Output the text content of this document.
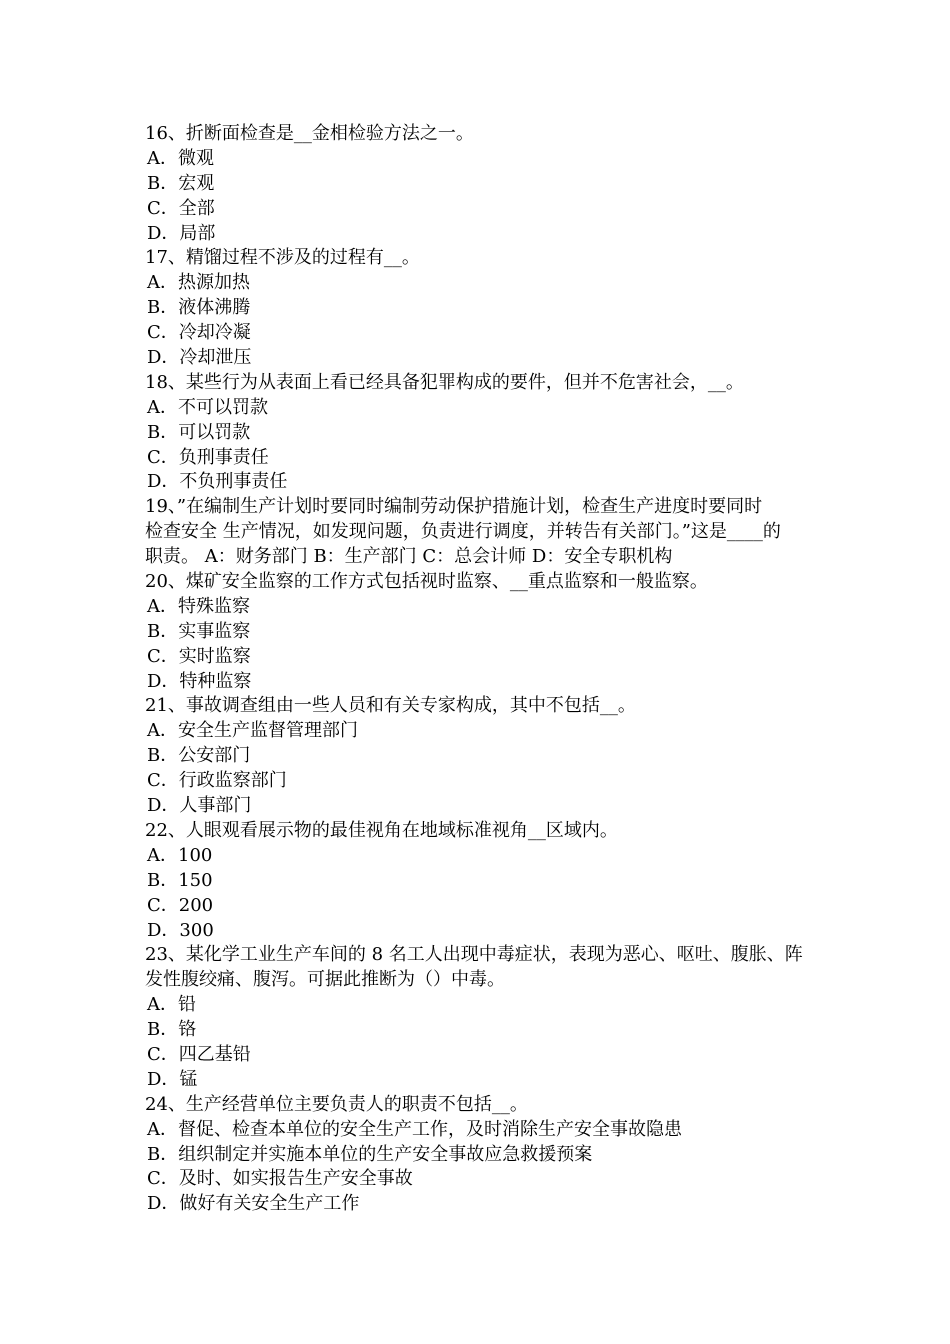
16、折断面检查是__金相检验方法之一。
A．微观
B．宏观
C．全部
D．局部
17、精馏过程不涉及的过程有__。
A．热源加热
B．液体沸腾
C．冷却冷凝
D．冷却泄压
18、某些行为从表面上看已经具备犯罪构成的要件，但并不危害社会，__。
A．不可以罚款
B．可以罚款
C．负刑事责任
D．不负刑事责任
19、”在编制生产计划时要同时编制劳动保护措施计划，检查生产进度时要同时
检查安全 生产情况，如发现问题，负责进行调度，并转告有关部门。”这是____的
职责。 A：财务部门 B：生产部门 C：总会计师 D：安全专职机构
20、煤矿安全监察的工作方式包括视时监察、__重点监察和一般监察。
A．特殊监察
B．实事监察
C．实时监察
D．特种监察
21、事故调查组由一些人员和有关专家构成，其中不包括__。
A．安全生产监督管理部门
B．公安部门
C．行政监察部门
D．人事部门
22、人眼观看展示物的最佳视角在地域标准视角__区域内。
A．100
B．150
C．200
D．300
23、某化学工业生产车间的 8 名工人出现中毒症状，表现为恶心、呕吐、腹胀、阵
发性腹绞痛、腹泻。可据此推断为（）中毒。
A．铅
B．铬
C．四乙基铅
D．锰
24、生产经营单位主要负责人的职责不包括__。
A．督促、检查本单位的安全生产工作，及时消除生产安全事故隐患
B．组织制定并实施本单位的生产安全事故应急救援预案
C．及时、如实报告生产安全事故
D．做好有关安全生产工作
